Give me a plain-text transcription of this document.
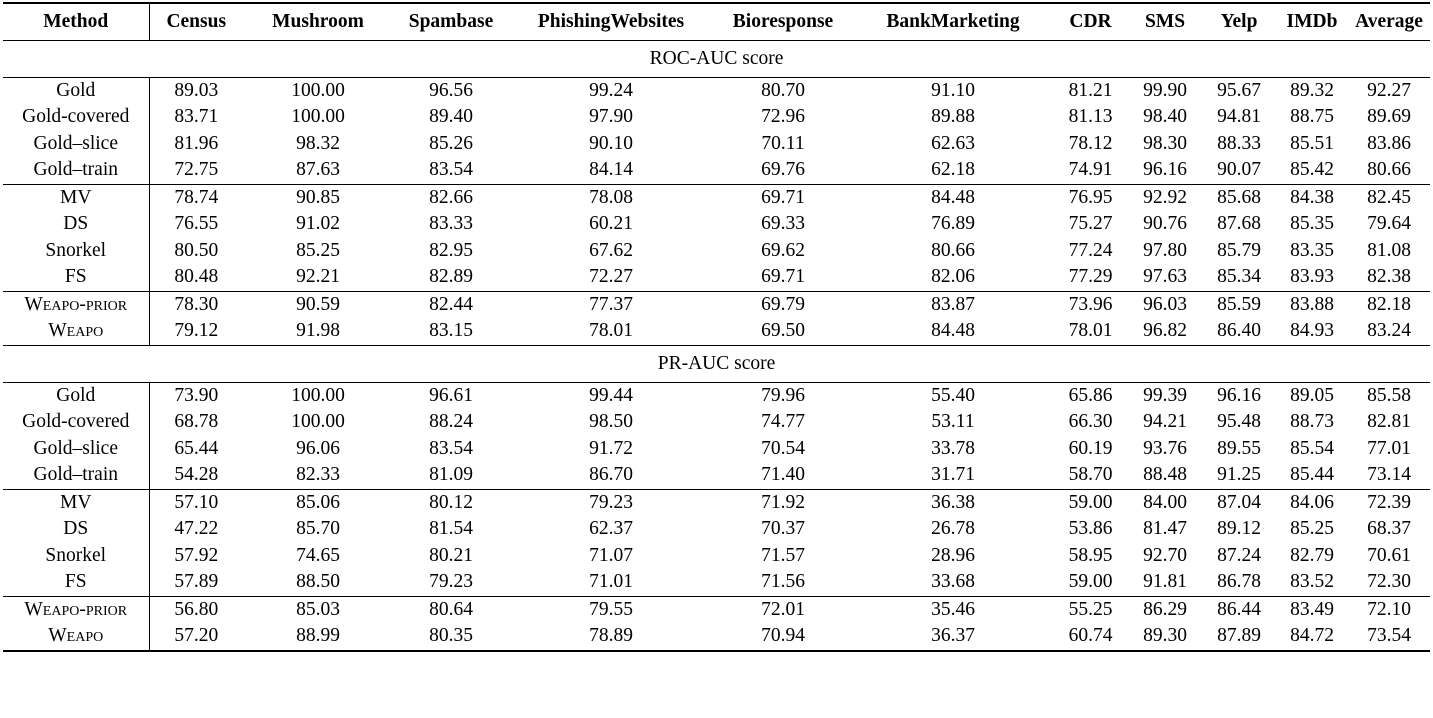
Method	Census	Mushroom	Spambase	PhishingWebsites	Bioresponse	BankMarketing	CDR	SMS	Yelp	IMDb	Average
ROC-AUC score											
Gold	89.03	100.00	96.56	99.24	80.70	91.10	81.21	99.90	95.67	89.32	92.27
Gold-covered	83.71	100.00	89.40	97.90	72.96	89.88	81.13	98.40	94.81	88.75	89.69
Gold–slice	81.96	98.32	85.26	90.10	70.11	62.63	78.12	98.30	88.33	85.51	83.86
Gold–train	72.75	87.63	83.54	84.14	69.76	62.18	74.91	96.16	90.07	85.42	80.66
MV	78.74	90.85	82.66	78.08	69.71	84.48	76.95	92.92	85.68	84.38	82.45
DS	76.55	91.02	83.33	60.21	69.33	76.89	75.27	90.76	87.68	85.35	79.64
Snorkel	80.50	85.25	82.95	67.62	69.62	80.66	77.24	97.80	85.79	83.35	81.08
FS	80.48	92.21	82.89	72.27	69.71	82.06	77.29	97.63	85.34	83.93	82.38
Weapo-prior	78.30	90.59	82.44	77.37	69.79	83.87	73.96	96.03	85.59	83.88	82.18
Weapo	79.12	91.98	83.15	78.01	69.50	84.48	78.01	96.82	86.40	84.93	83.24
PR-AUC score											
Gold	73.90	100.00	96.61	99.44	79.96	55.40	65.86	99.39	96.16	89.05	85.58
Gold-covered	68.78	100.00	88.24	98.50	74.77	53.11	66.30	94.21	95.48	88.73	82.81
Gold–slice	65.44	96.06	83.54	91.72	70.54	33.78	60.19	93.76	89.55	85.54	77.01
Gold–train	54.28	82.33	81.09	86.70	71.40	31.71	58.70	88.48	91.25	85.44	73.14
MV	57.10	85.06	80.12	79.23	71.92	36.38	59.00	84.00	87.04	84.06	72.39
DS	47.22	85.70	81.54	62.37	70.37	26.78	53.86	81.47	89.12	85.25	68.37
Snorkel	57.92	74.65	80.21	71.07	71.57	28.96	58.95	92.70	87.24	82.79	70.61
FS	57.89	88.50	79.23	71.01	71.56	33.68	59.00	91.81	86.78	83.52	72.30
Weapo-prior	56.80	85.03	80.64	79.55	72.01	35.46	55.25	86.29	86.44	83.49	72.10
Weapo	57.20	88.99	80.35	78.89	70.94	36.37	60.74	89.30	87.89	84.72	73.54
